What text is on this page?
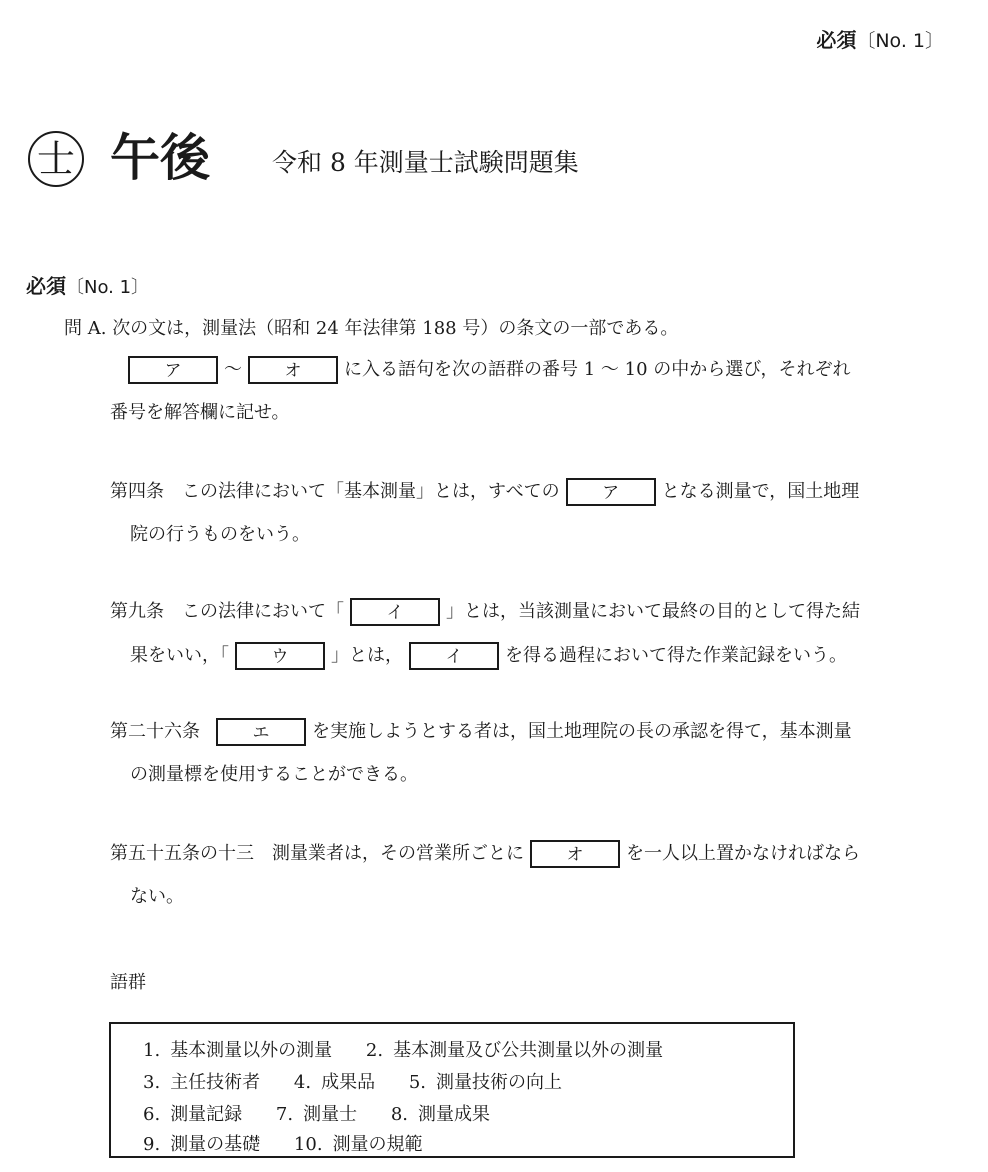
必須〔No. 1〕
士 午後 令和 8 年測量士試験問題集
必須〔No. 1〕
問 A. 次の文は，測量法（昭和 24 年法律第 188 号）の条文の一部である。
ア ～	オ に入る語句を次の語群の番号 1 ～ 10 の中から選び，それぞれ
番号を解答欄に記せ。
第四条　この法律において「基本測量」とは，すべての	ア となる測量で，国土地理
院の行うものをいう。
第九条　この法律において「	イ 」とは，当該測量において最終の目的として得た結
果をいい，「	ウ 」とは，	イ を得る過程において得た作業記録をいう。
第二十六条	エ を実施しようとする者は，国土地理院の長の承認を得て，基本測量
の測量標を使用することができる。
第五十五条の十三　測量業者は，その営業所ごとに	オ を一人以上置かなければなら
ない。
語群
1. 基本測量以外の測量 2. 基本測量及び公共測量以外の測量
3. 主任技術者 4. 成果品 5. 測量技術の向上
6. 測量記録 7. 測量士 8. 測量成果
9. 測量の基礎 10. 測量の規範
